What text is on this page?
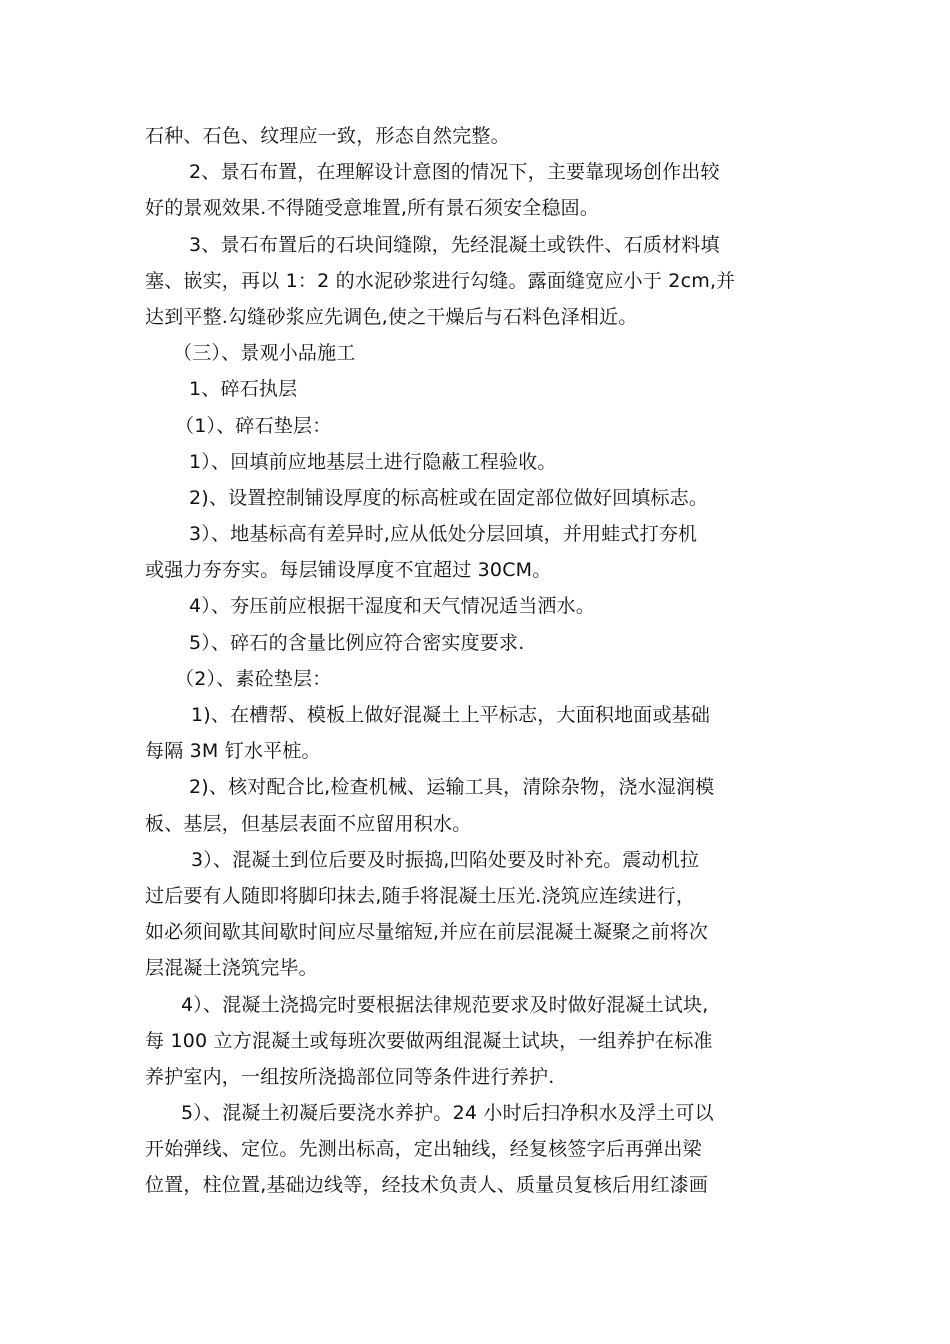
石种、石色、纹理应一致，形态自然完整。
2、景石布置，在理解设计意图的情况下，主要靠现场创作出较
好的景观效果.不得随受意堆置,所有景石须安全稳固。
3、景石布置后的石块间缝隙，先经混凝土或铁件、石质材料填
塞、嵌实，再以 1：2 的水泥砂浆进行勾缝。露面缝宽应小于 2cm,并
达到平整.勾缝砂浆应先调色,使之干燥后与石料色泽相近。
（三）、景观小品施工
1、碎石执层
（1）、碎石垫层：
1）、回填前应地基层土进行隐蔽工程验收。
2)、设置控制铺设厚度的标高桩或在固定部位做好回填标志。
3）、地基标高有差异时,应从低处分层回填，并用蛙式打夯机
或强力夯夯实。每层铺设厚度不宜超过 30CM。
4）、夯压前应根据干湿度和天气情况适当洒水。
5）、碎石的含量比例应符合密实度要求.
（2）、素砼垫层：
1)、在槽帮、模板上做好混凝土上平标志，大面积地面或基础
每隔 3M 钉水平桩。
2)、核对配合比,检查机械、运输工具，清除杂物，浇水湿润模
板、基层，但基层表面不应留用积水。
3）、混凝土到位后要及时振捣,凹陷处要及时补充。震动机拉
过后要有人随即将脚印抹去,随手将混凝土压光.浇筑应连续进行，
如必须间歇其间歇时间应尽量缩短,并应在前层混凝土凝聚之前将次
层混凝土浇筑完毕。
4）、混凝土浇捣完时要根据法律规范要求及时做好混凝土试块,
每 100 立方混凝土或每班次要做两组混凝土试块，一组养护在标准
养护室内，一组按所浇捣部位同等条件进行养护.
5）、混凝土初凝后要浇水养护。24 小时后扫净积水及浮土可以
开始弹线、定位。先测出标高，定出轴线，经复核签字后再弹出梁
位置，柱位置,基础边线等，经技术负责人、质量员复核后用红漆画
